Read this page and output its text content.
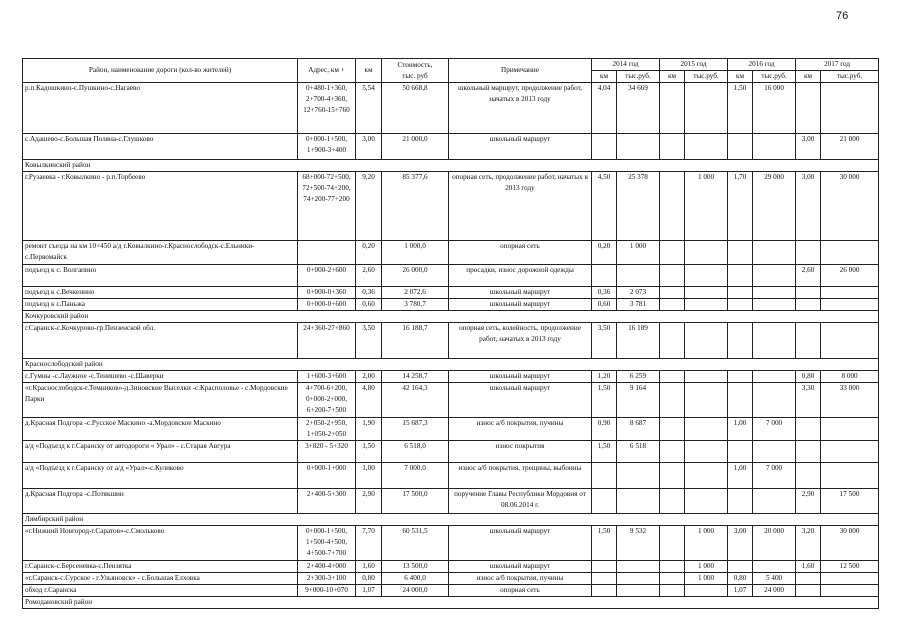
76
Район, наименование дороги (кол-во жителей)	Адрес, км +	км	Стоимость,
тыс. руб	Примечание	2014 год		2015 год		2016 год		2017 год	
					км	тыс.руб.	км	тыс.руб.	км	тыс.руб.	км	тыс.руб.
р.п.Кадошкино-с.Пушкино-с.Нагаево	0+480-1+360,
2+700-4+360,
12+760-15+760	5,54	50 668,8	школьный маршрут, продолжение работ, начатых в 2013 году	4,04	34 669			1,50	16 000		
с.Адашево-с.Большая Поляна-с.Глушково	0+000-1+500,
1+900-3+400	3,00	21 000,0	школьный маршрут							3,00	21 000
Ковылкинский район												
г.Рузаевка - г.Ковылкино - р.п.Торбеево	68+000-72+500,
72+500-74+200,
74+200-77+200	9,20	85 377,6	опорная сеть, продолжение работ, начатых в 2013 году	4,50	25 378		1 000	1,70	29 000	3,00	30 000
ремонт съезда на км 10+450 а/д г.Ковылкино-г.Краснослободск-с.Ельники-с.Первомайск		0,20	1 000,0	опорная сеть	0,20	1 000						
подъезд к с. Волгапино	0+000-2+600	2,60	26 000,0	просадки, износ дорожной одежды							2,60	26 000
подъезд к с.Вечкенино	0+000-0+360	0,36	2 072,6	школьный маршрут	0,36	2 073						
подъезд к с.Паньжа	0+000-0+600	0,60	3 780,7	школьный маршрут	0,60	3 781						
Кочкуровский район												
г.Саранск-с.Кочкурово-гр.Пензенской обл.	24+360-27+860	3,50	16 188,7	опорная сеть, колейность, продолжение работ, начатых в 2013 году	3,50	16 189						
Краснослободский район												
с.Гумны -с.Лаужное -с.Тенишево -с.Шаверки	1+600-3+600	2,00	14 258,7	школьный маршрут	1,20	6 259					0,80	8 000
«г.Краснослободск-г.Темников»-д.Зиновские Выселки -с.Красполовье - с.Мордовские Парки	4+700-6+200,
0+000-2+000,
6+200-7+500	4,80	42 164,3	школьный маршрут	1,50	9 164					3,30	33 000
д.Красная Подгора -с.Русское Маскино -а.Мордовское Маскино	2+050-2+950,
1+050-2+050	1,90	15 687,3	износ а/б покрытия, пучины	0,90	8 687			1,00	7 000		
а/д «Подъезд к г.Саранску от автодороги « Урал» - с.Старая Авгура	3+820 - 5+320	1,50	6 518,0	износ покрытия	1,50	6 518						
а/д «Подъезд к г.Саранску от а/д «Урал»-с.Куликово	0+000-1+000	1,00	7 000,0	износ а/б покрытия, трещины, выбоины					1,00	7 000		
д.Красная Подгора -с.Потякшин	2+400-5+300	2,90	17 500,0	поручение Главы Республики Мордовия от 08.06.2014 г.							2,90	17 500
Лямбирский район												
«г.Нижний Новгород-г.Саратов»-с.Смольково	0+000-1+500,
1+500-4+500,
4+500-7+700	7,70	60 531,5	школьный маршрут	1,50	9 532		1 000	3,00	20 000	3,20	30 000
г.Саранск-с.Берсеневка-с.Пензятка	2+400-4+000	1,60	13 500,0	школьный маршрут				1 000			1,60	12 500
«г.Саранск-с.Сурское - г.Ульяновск» - с.Большая Елховка	2+300-3+100	0,80	6 400,0	износ а/б покрытия, пучины				1 000	0,80	5 400		
обход г.Саранска	9+000-10+070	1,07	24 000,0	опорная сеть					1,07	24 000		
Ромодановский район												
